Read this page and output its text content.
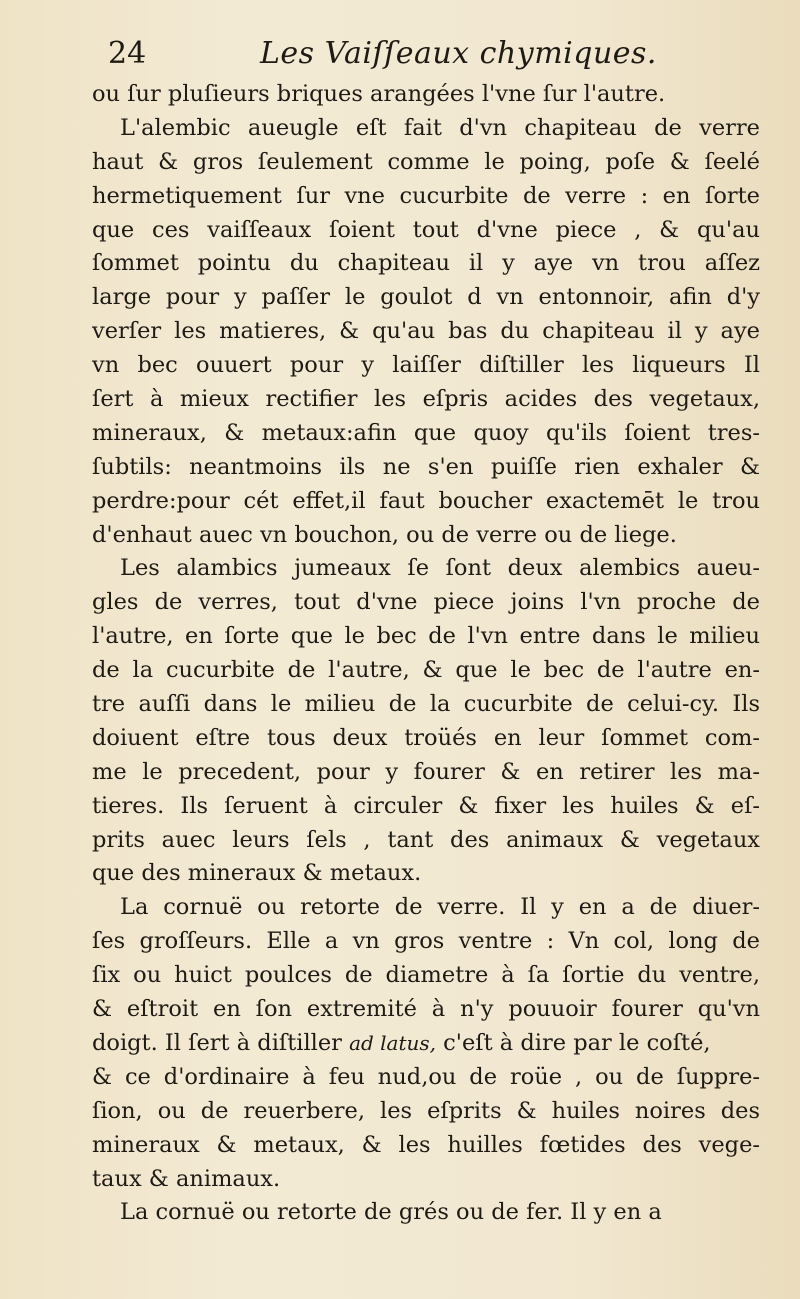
24	Les Vaiſſeaux chymiques.
ou ſur pluſieurs briques arangées l'vne ſur l'autre.
L'alembic aueugle eſt fait d'vn chapiteau de verre
haut & gros ſeulement comme le poing, poſe & ſeelé
hermetiquement ſur vne cucurbite de verre : en ſorte
que ces vaiſſeaux ſoient tout d'vne piece , & qu'au
ſommet pointu du chapiteau il y aye vn trou aſſez
large pour y paſſer le goulot d vn entonnoir, afin d'y
verſer les matieres, & qu'au bas du chapiteau il y aye
vn bec ouuert pour y laiſſer diſtiller les liqueurs Il
ſert à mieux rectifier les eſpris acides des vegetaux,
mineraux, & metaux:afin que quoy qu'ils ſoient tres-
ſubtils: neantmoins ils ne s'en puiſſe rien exhaler &
perdre:pour cét effet,il faut boucher exactemēt le trou
d'enhaut auec vn bouchon, ou de verre ou de liege.
Les alambics jumeaux ſe ſont deux alembics aueu-
gles de verres, tout d'vne piece joins l'vn proche de
l'autre, en ſorte que le bec de l'vn entre dans le milieu
de la cucurbite de l'autre, & que le bec de l'autre en-
tre auſſi dans le milieu de la cucurbite de celui-cy. Ils
doiuent eſtre tous deux troüés en leur ſommet com-
me le precedent, pour y fourer & en retirer les ma-
tieres. Ils ſeruent à circuler & fixer les huiles & eſ-
prits auec leurs ſels , tant des animaux & vegetaux
que des mineraux & metaux.
La cornuë ou retorte de verre. Il y en a de diuer-
ſes groſſeurs. Elle a vn gros ventre : Vn col, long de
ſix ou huict poulces de diametre à ſa ſortie du ventre,
& eſtroit en ſon extremité à n'y pouuoir fourer qu'vn
doigt. Il ſert à diſtiller ad latus, c'eſt à dire par le coſté,
& ce d'ordinaire à feu nud,ou de roüe , ou de ſuppre-
ſion, ou de reuerbere, les eſprits & huiles noires des
mineraux & metaux, & les huilles fœtides des vege-
taux & animaux.
La cornuë ou retorte de grés ou de fer. Il y en a
